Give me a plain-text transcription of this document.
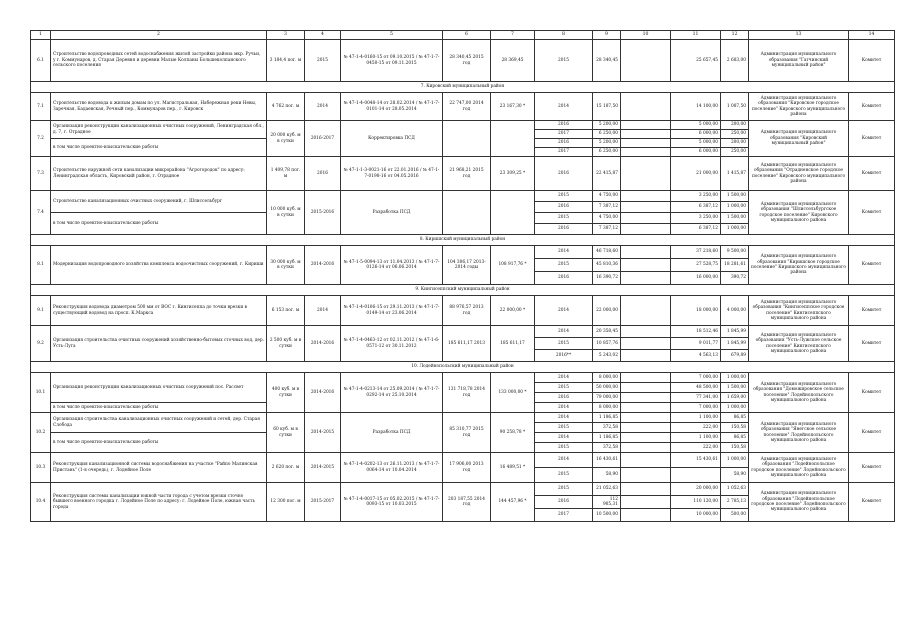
1	2	3	4	5	6	7	8	9	10	11	12	13	14
6.1	Строительство водопроводных сетей водоснабжения жилой застройки района мкр. Ручьи, у г. Коммунаров, д. Старая Деревня и деревни Малые Колпаны Большеколпанского сельского поселения	3 184,4 пог. м	2015	№ 47-1-4-0160-15 от 09.10.2015 / № 47-1-7-0450-15 от 09.11.2015	28 340,45 2015 год	28 369,45	2015	28 340,45		25 657,45	2 683,00	Администрация муниципального образования "Гатчинский муниципальный район"	Комитет
7. Кировский муниципальный район													
7.1	Строительство водовода к жилым домам по ул. Магистральная, Набережная реки Невы, Заречная, Бадаевская, Речный пер., Коммунаров пер., г. Кировск	4 762 пог. м	2014	№ 47-1-4-0048-14 от 28.02.2014 / № 47-1-7-0101-14 от 28.05.2014	22 747,00 2014 год	23 167,30 *	2014	15 187,50		14 100,00	1 087,50	Администрация муниципального образования "Кировское городское поселение" Кировского муниципального района	Комитет
7.2	Организация реконструкции канализационных очистных сооружений, Ленинградская обл., д. 7, г. Отрадное	20 000 куб. м в сутки	2016-2017	Корректировка ПСД			2016	5 200,00		5 000,00	200,00	Администрация муниципального образования "Кировский муниципальный район"	Комитет
							2017	6 250,00		6 000,00	250,00		
	в том числе проектно-изыскательские работы						2016	5 200,00		5 000,00	200,00		
							2017	6 250,00		6 000,00	250,00		
7.3	Строительство наружной сети канализации микрорайона "Агрогородок" по адресу: Ленинградская область, Кировский район, г. Отрадное	1 409,78 пог. м	2016	№ 47-1-1-3-0021-16 от 22.01.2016 / № 47-1-7-0198-16 от 04.05.2016	21 968,21 2015 год	23 309,25 *	2016	22 415,87		21 000,00	1 415,87	Администрация муниципального образования "Отрадненское городское поселение" Кировского муниципального района	Комитет
7.4	Строительство канализационных очистных сооружений, г. Шлиссельбург	10 000 куб. м в сутки	2015-2016	Разработка ПСД			2015	4 750,00		3 250,00	1 500,00	Администрация муниципального образования "Шлиссельбургское городское поселение" Кировского муниципального района	Комитет
							2016	7 387,12		6 387,12	1 000,00		
	в том числе проектно-изыскательские работы						2015	4 750,00		3 250,00	1 500,00		
							2016	7 387,12		6 387,12	1 000,00		
8. Киришский муниципальный район													
8.1	Модернизация водопроводного хозяйства комплекса водоочистных сооружений, г. Кириши	30 000 куб. м в сутки	2014-2016	№ 47-1-5-0094-13 от 11.04.2013 / № 47-1-7-0126-14 от 06.06.2014	104 306,17 2013-2014 годы	108 917,76 *	2014	46 718,60		37 218,60	9 500,00	Администрация муниципального образования "Киришское городское поселение" Киришского муниципального района	Комитет
							2015	45 810,36		27 528,75	18 281,61		
							2016	16 390,72		16 000,00	390,72		
9. Кингисеппский муниципальный район													
9.1	Реконструкция водовода диаметром 500 мм от ВОС г. Кингисеппа до точки врезки в существующий водовод на просп. К.Маркса	6 153 пог. м	2014	№ 47-1-4-0106-15 от 29.11.2013 / № 47-1-7-0149-14 от 23.06.2014	88 976,57 2013 год	22 000,00 *	2014	22 000,00		18 000,00	4 000,00	Администрация муниципального образования "Кингисеппское городское поселение" Кингисеппского муниципального района	Комитет
9.2	Организация строительства очистных сооружений хозяйственно-бытовых сточных вод, дер. Усть-Луга	2 500 куб. м в сутки	2014-2016	№ 47-1-4-0463-12 от 02.11.2012 / № 47-1-6-0571-12 от 30.11.2012	185 611,17 2013	185 611,17	2014	20 358,45		18 512,46	1 845,99	Администрация муниципального образования "Усть-Лужское сельское поселение" Кингисеппского муниципального района	Комитет
							2015	10 857,76		9 011,77	1 845,99		
							2016**	5 243,02		4 563,13	679,89		
10. Лодейнопольский муниципальный район													
10.1	Организация реконструкции канализационных очистных сооружений пос. Рассвет	400 куб. м в сутки	2014-2016	№ 47-1-4-0213-14 от 25.09.2014 / № 47-1-7-0292-14 от 25.10.2014	131 718,78 2014 год	133 000,00 *	2014	8 000,00		7 000,00	1 000,00	Администрация муниципального образования "Доможировское сельское поселение" Лодейнопольского муниципального района	Комитет
							2015	50 000,00		48 500,00	1 500,00		
							2016	79 000,00		77 341,00	1 659,00		
	в том числе проектно-изыскательские работы						2014	8 000,00		7 000,00	1 000,00		
10.2	Организация строительства канализационных очистных сооружений и сетей, дер. Старая Слобода	60 куб. м в сутки	2014-2015	Разработка ПСД	85 310,77 2015 год	90 258,78 *	2014	1 186,85		1 100,00	86,85	Администрация муниципального образования "Янегское сельское поселение" Лодейнопольского муниципального района	Комитет
							2015	372,58		222,00	150,58		
	в том числе проектно-изыскательские работы						2014	1 186,85		1 100,00	86,85		
							2015	372,58		222,00	150,58		
10.3	Реконструкция канализационной системы водоснабжения на участке "Райпо Малинская Пристань" (1-я очередь), г. Лодейное Поле	2 620 пог. м	2014-2015	№ 47-1-4-0202-13 от 26.11.2013 / № 47-1-7-0064-14 от 10.04.2014	17 906,00 2013 год	16 489,51 *	2014	16 430,61		15 430,61	1 000,00	Администрация муниципального образования "Лодейнопольское городское поселение" Лодейнопольского муниципального района	Комитет
							2015	58,90			58,90		
10.4	Реконструкция системы канализации южной части города с учетом врезки сточно бывшего военного городка г. Лодейное Поле по адресу: г. Лодейное Поле, южная часть города	12 300 пог. м	2015-2017	№ 47-1-4-0017-15 от 05.02.2015 / № 47-1-7-0093-15 от 10.03.2015	203 187,55 2014 год	144 457,96 *	2015	21 052,63		20 000,00	1 052,63	Администрация муниципального образования "Лодейнопольское городское поселение" Лодейнопольского муниципального района	Комитет
							2016	112 905,31		110 120,00	2 785,13		
							2017	10 500,00		10 000,00	500,00		
